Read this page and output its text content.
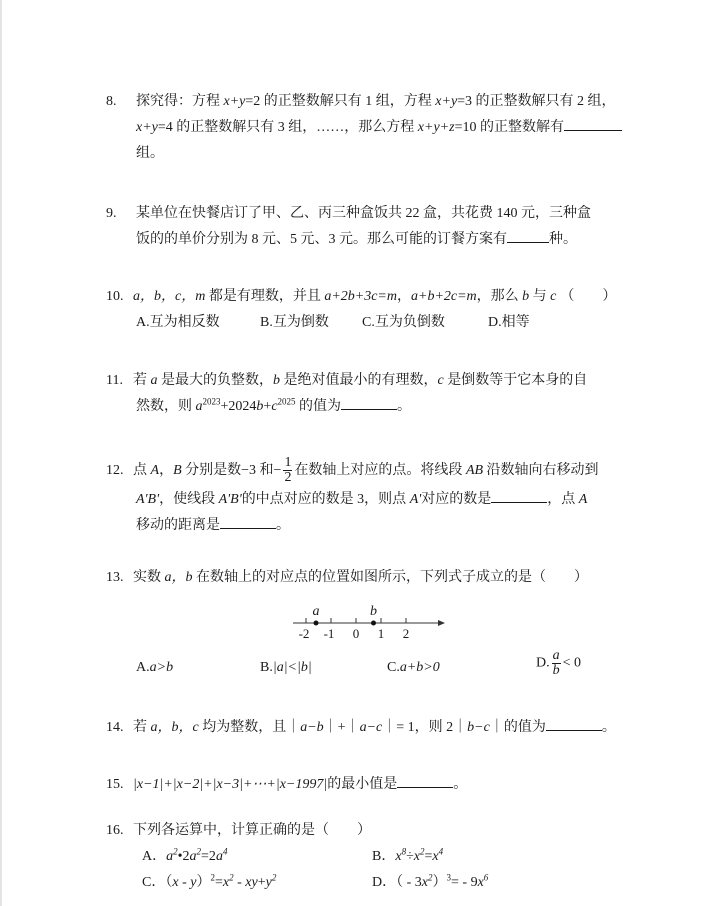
8. 探究得：方程 x+y=2 的正整数解只有 1 组，方程 x+y=3 的正整数解只有 2 组，
x+y=4 的正整数解只有 3 组，……，那么方程 x+y+z=10 的正整数解有
组。
9. 某单位在快餐店订了甲、乙、丙三种盒饭共 22 盒，共花费 140 元，三种盒
饭的的单价分别为 8 元、5 元、3 元。那么可能的订餐方案有	种。
10. a，b，c，m 都是有理数，并且 a+2b+3c=m，a+b+2c=m，那么 b 与 c （　　）
A.互为相反数	B.互为倒数 C.互为负倒数	D.相等
11. 若 a 是最大的负整数，b 是绝对值最小的有理数，c 是倒数等于它本身的自
然数，则 $a^{2023}+2024b+c^{2025}$ 的值为	。
12. 点 A，B 分别是数−3 和− $\frac{1}{2}$ 在数轴上对应的点。将线段 AB 沿数轴向右移动到
A'B'，使线段 A'B'的中点对应的数是 3，则点 A'对应的数是	，点 A
移动的距离是	。
13. 实数 a，b 在数轴上的对应点的位置如图所示，下列式子成立的是（　　）
-2 -1 0 1 2
a	b
A.a>b	B.|a|<|b|	C.a+b>0	D. $\frac{a}{b} < 0$
14. 若 a，b，c 均为整数，且｜a−b｜+｜a−c｜= 1，则 2｜b−c｜的值为	。
15. |x−1|+|x−2|+|x−3|+⋯+|x−1997|的最小值是	。
16. 下列各运算中，计算正确的是（　　）
A．$a^2•2a^2=2a^4$	B．$x^8\div x^2=x^4$
C．$(x - y)^2=x^2 - xy+y^2$	D．（ - $3x^2)^3= - 9x^6$
